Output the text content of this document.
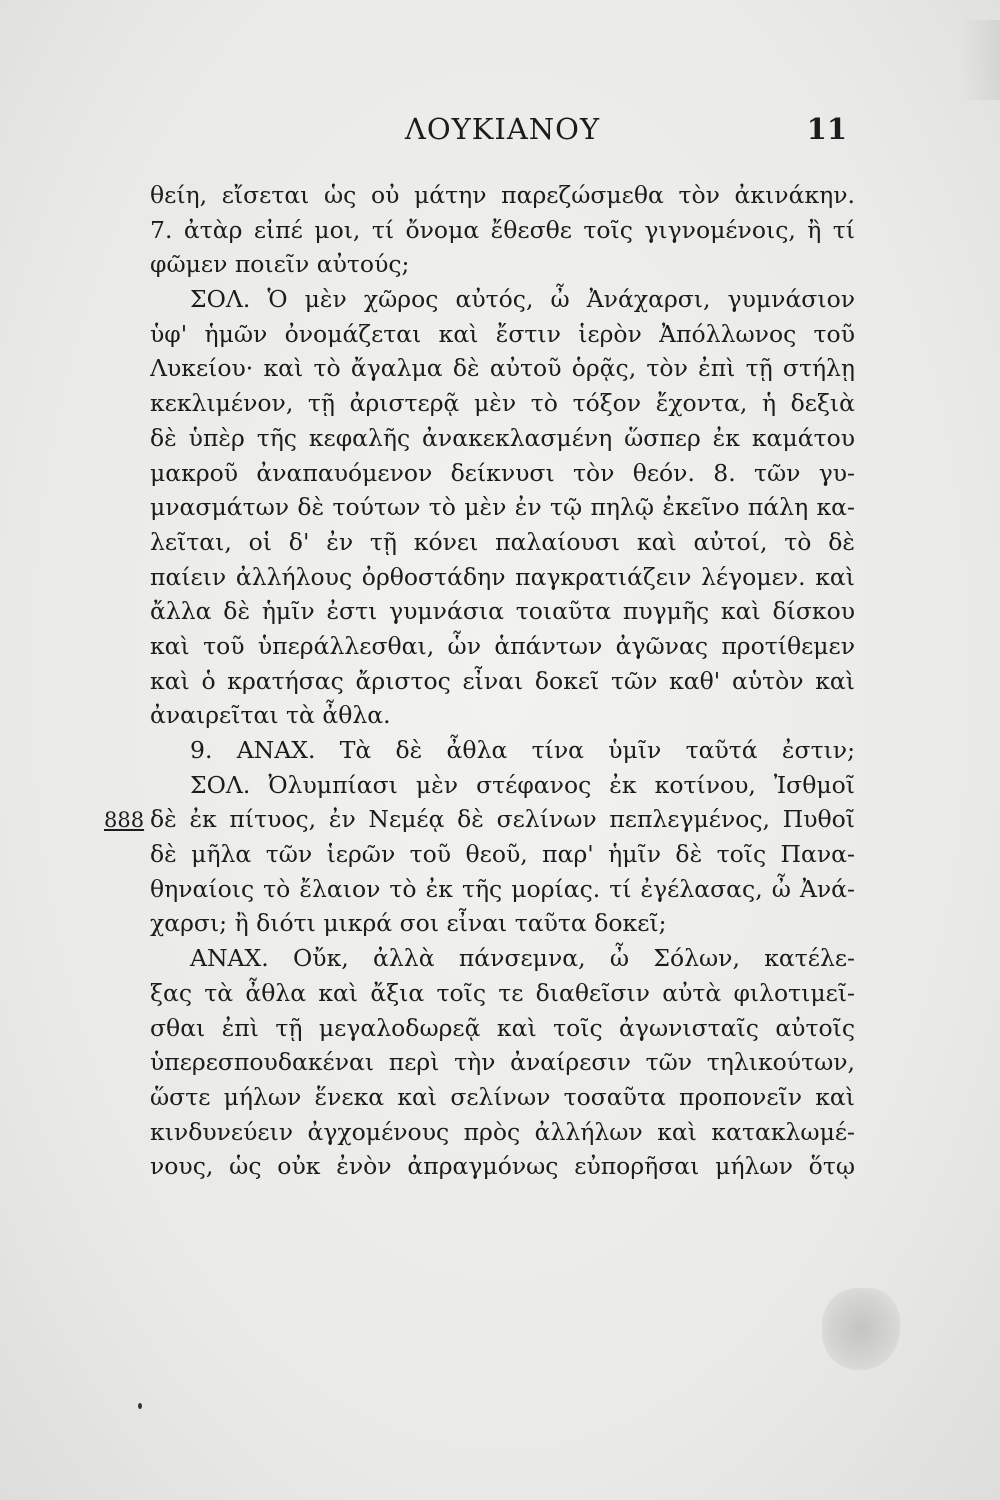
ΛΟΥΚΙΑΝΟΥ	11
888
θείη, εἴσεται ὡς οὐ μάτην παρεζώσμεθα τὸν ἀκινάκην.
7. ἀτὰρ εἰπέ μοι, τί ὄνομα ἔθεσθε τοῖς γιγνομένοις, ἢ τί
φῶμεν ποιεῖν αὐτούς;
ΣΟΛ. Ὁ μὲν χῶρος αὐτός, ὦ Ἀνάχαρσι, γυμνάσιον
ὑφ' ἡμῶν ὀνομάζεται καὶ ἔστιν ἱερὸν Ἀπόλλωνος τοῦ
Λυκείου· καὶ τὸ ἄγαλμα δὲ αὐτοῦ ὁρᾷς, τὸν ἐπὶ τῇ στήλῃ
κεκλιμένον, τῇ ἀριστερᾷ μὲν τὸ τόξον ἔχοντα, ἡ δεξιὰ
δὲ ὑπὲρ τῆς κεφαλῆς ἀνακεκλασμένη ὥσπερ ἐκ καμάτου
μακροῦ ἀναπαυόμενον δείκνυσι τὸν θεόν. 8. τῶν γυ-
μνασμάτων δὲ τούτων τὸ μὲν ἐν τῷ πηλῷ ἐκεῖνο πάλη κα-
λεῖται, οἱ δ' ἐν τῇ κόνει παλαίουσι καὶ αὐτοί, τὸ δὲ
παίειν ἀλλήλους ὀρθοστάδην παγκρατιάζειν λέγομεν. καὶ
ἄλλα δὲ ἡμῖν ἐστι γυμνάσια τοιαῦτα πυγμῆς καὶ δίσκου
καὶ τοῦ ὑπεράλλεσθαι, ὧν ἁπάντων ἀγῶνας προτίθεμεν
καὶ ὁ κρατήσας ἄριστος εἶναι δοκεῖ τῶν καθ' αὑτὸν καὶ
ἀναιρεῖται τὰ ἆθλα.
9. ΑΝΑΧ. Τὰ δὲ ἆθλα τίνα ὑμῖν ταῦτά ἐστιν;
ΣΟΛ. Ὀλυμπίασι μὲν στέφανος ἐκ κοτίνου, Ἰσθμοῖ
δὲ ἐκ πίτυος, ἐν Νεμέᾳ δὲ σελίνων πεπλεγμένος, Πυθοῖ
δὲ μῆλα τῶν ἱερῶν τοῦ θεοῦ, παρ' ἡμῖν δὲ τοῖς Πανα-
θηναίοις τὸ ἔλαιον τὸ ἐκ τῆς μορίας. τί ἐγέλασας, ὦ Ἀνά-
χαρσι; ἢ διότι μικρά σοι εἶναι ταῦτα δοκεῖ;
ΑΝΑΧ. Οὔκ, ἀλλὰ πάνσεμνα, ὦ Σόλων, κατέλε-
ξας τὰ ἆθλα καὶ ἄξια τοῖς τε διαθεῖσιν αὐτὰ φιλοτιμεῖ-
σθαι ἐπὶ τῇ μεγαλοδωρεᾷ καὶ τοῖς ἀγωνισταῖς αὐτοῖς
ὑπερεσπουδακέναι περὶ τὴν ἀναίρεσιν τῶν τηλικούτων,
ὥστε μήλων ἕνεκα καὶ σελίνων τοσαῦτα προπονεῖν καὶ
κινδυνεύειν ἀγχομένους πρὸς ἀλλήλων καὶ κατακλωμέ-
νους, ὡς οὐκ ἐνὸν ἀπραγμόνως εὐπορῆσαι μήλων ὅτῳ
